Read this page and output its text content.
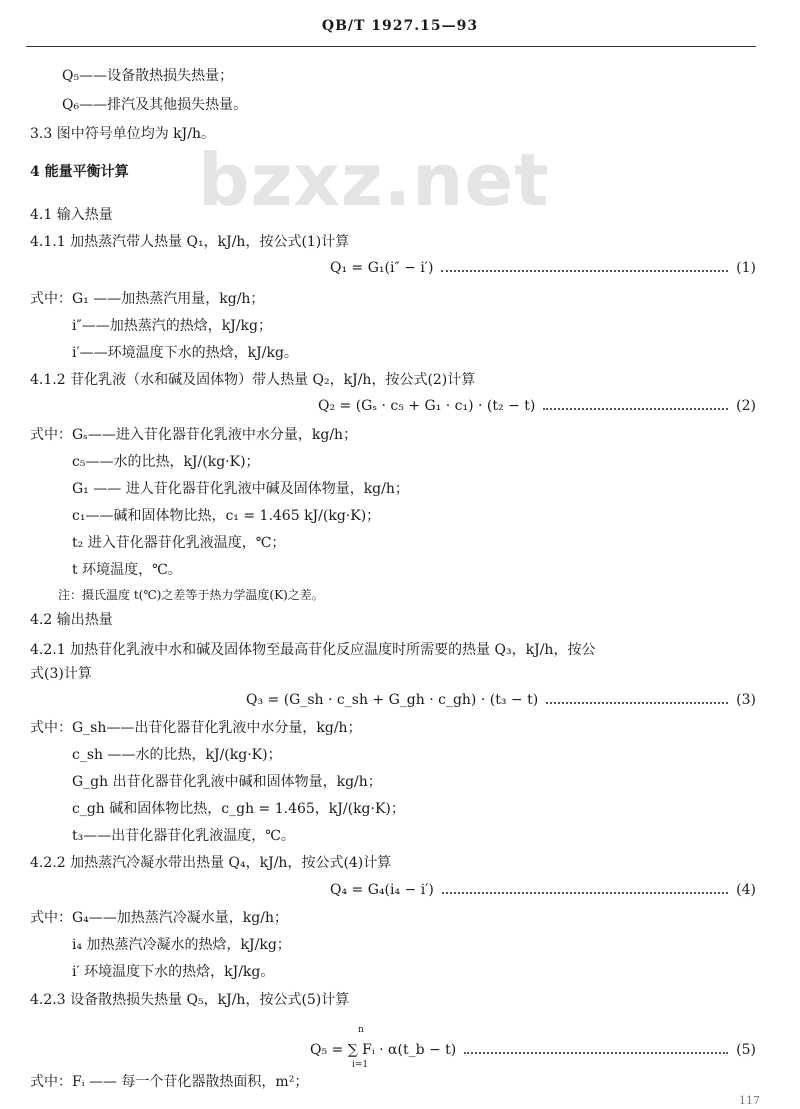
QB/T 1927.15—93
bzxz.net
Q₅——设备散热损失热量；
Q₆——排汽及其他损失热量。
3.3 图中符号单位均为 kJ/h。
4 能量平衡计算
4.1 输入热量
4.1.1 加热蒸汽带人热量 Q₁，kJ/h，按公式(1)计算
Q₁ = G₁(i″ − i′)	(1)
式中：G₁ ——加热蒸汽用量，kg/h；
i″——加热蒸汽的热焓，kJ/kg；
i′——环境温度下水的热焓，kJ/kg。
4.1.2 苷化乳液（水和碱及固体物）带人热量 Q₂，kJ/h，按公式(2)计算
Q₂ = (Gₛ · c₅ + G₁ · c₁) · (t₂ − t)	(2)
式中：Gₛ——进入苷化器苷化乳液中水分量，kg/h；
c₅——水的比热，kJ/(kg·K)；
G₁ —— 进人苷化器苷化乳液中碱及固体物量，kg/h；
c₁——碱和固体物比热，c₁ = 1.465 kJ/(kg·K)；
t₂ 进入苷化器苷化乳液温度，℃；
t 环境温度，℃。
注：摄氏温度 t(℃)之差等于热力学温度(K)之差。
4.2 输出热量
4.2.1 加热苷化乳液中水和碱及固体物至最高苷化反应温度时所需要的热量 Q₃，kJ/h，按公
式(3)计算
Q₃ = (G_sh · c_sh + G_gh · c_gh) · (t₃ − t)	(3)
式中：G_sh——出苷化器苷化乳液中水分量，kg/h；
c_sh ——水的比热，kJ/(kg·K)；
G_gh 出苷化器苷化乳液中碱和固体物量，kg/h；
c_gh 碱和固体物比热，c_gh = 1.465，kJ/(kg·K)；
t₃——出苷化器苷化乳液温度，℃。
4.2.2 加热蒸汽冷凝水带出热量 Q₄，kJ/h，按公式(4)计算
Q₄ = G₄(i₄ − i′)	(4)
式中：G₄——加热蒸汽冷凝水量，kg/h；
i₄ 加热蒸汽冷凝水的热焓，kJ/kg；
i′ 环境温度下水的热焓，kJ/kg。
4.2.3 设备散热损失热量 Q₅，kJ/h，按公式(5)计算
n
Q₅ = ∑ Fᵢ · α(t_b − t)	(5)
i=1
式中：Fᵢ —— 每一个苷化器散热面积，m²；
117
